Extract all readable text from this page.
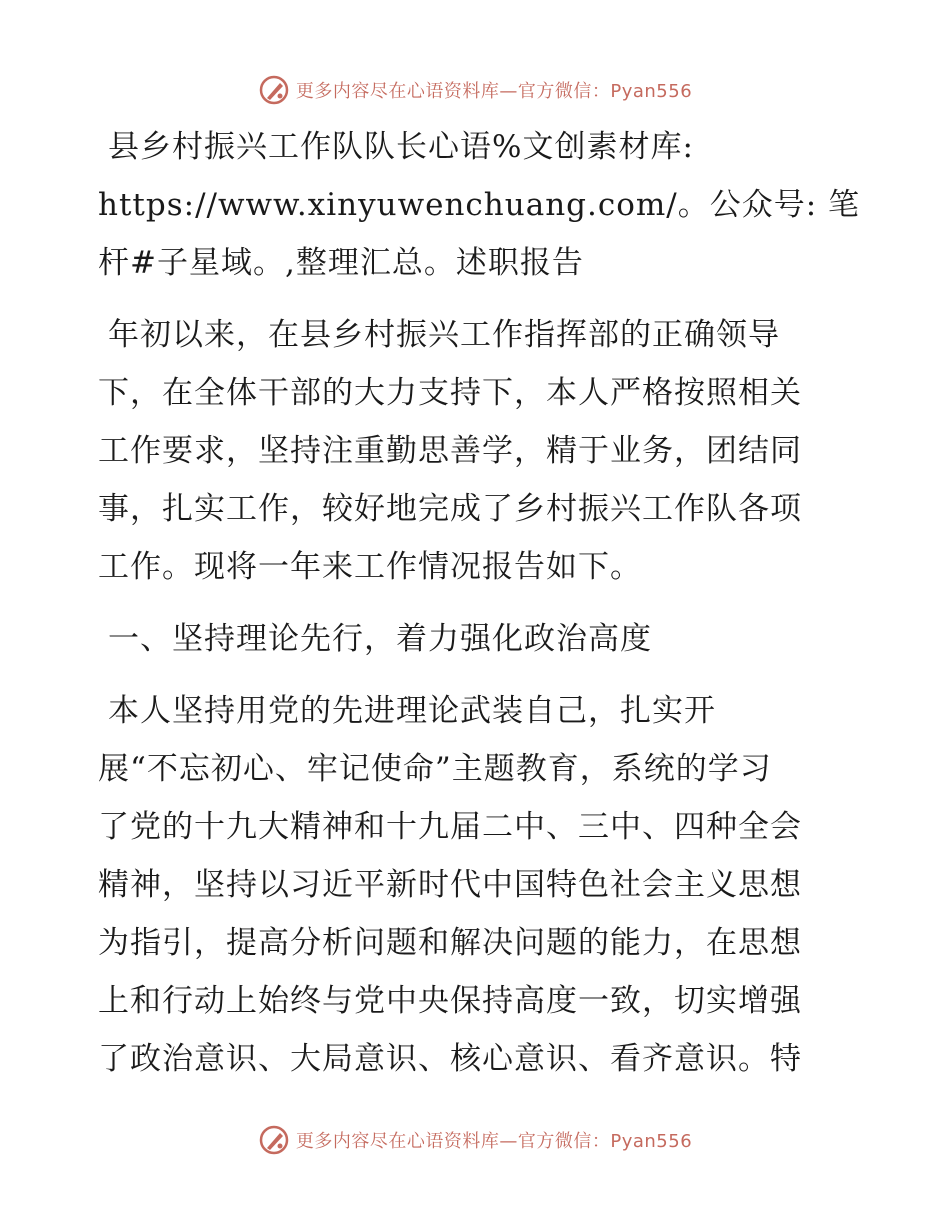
更多内容尽在心语资料库—官方微信：Pyan556

县乡村振兴工作队队长心语%文创素材库:
https://www.xinyuwenchuang.com/。公众号: 笔
杆#子星域。,整理汇总。述职报告

年初以来，在县乡村振兴工作指挥部的正确领导
下，在全体干部的大力支持下，本人严格按照相关
工作要求，坚持注重勤思善学，精于业务，团结同
事，扎实工作，较好地完成了乡村振兴工作队各项
工作。现将一年来工作情况报告如下。

一、坚持理论先行，着力强化政治高度

本人坚持用党的先进理论武装自己，扎实开
展“不忘初心、牢记使命”主题教育，系统的学习
了党的十九大精神和十九届二中、三中、四种全会
精神，坚持以习近平新时代中国特色社会主义思想
为指引，提高分析问题和解决问题的能力，在思想
上和行动上始终与党中央保持高度一致，切实增强
了政治意识、大局意识、核心意识、看齐意识。特

更多内容尽在心语资料库—官方微信：Pyan556
